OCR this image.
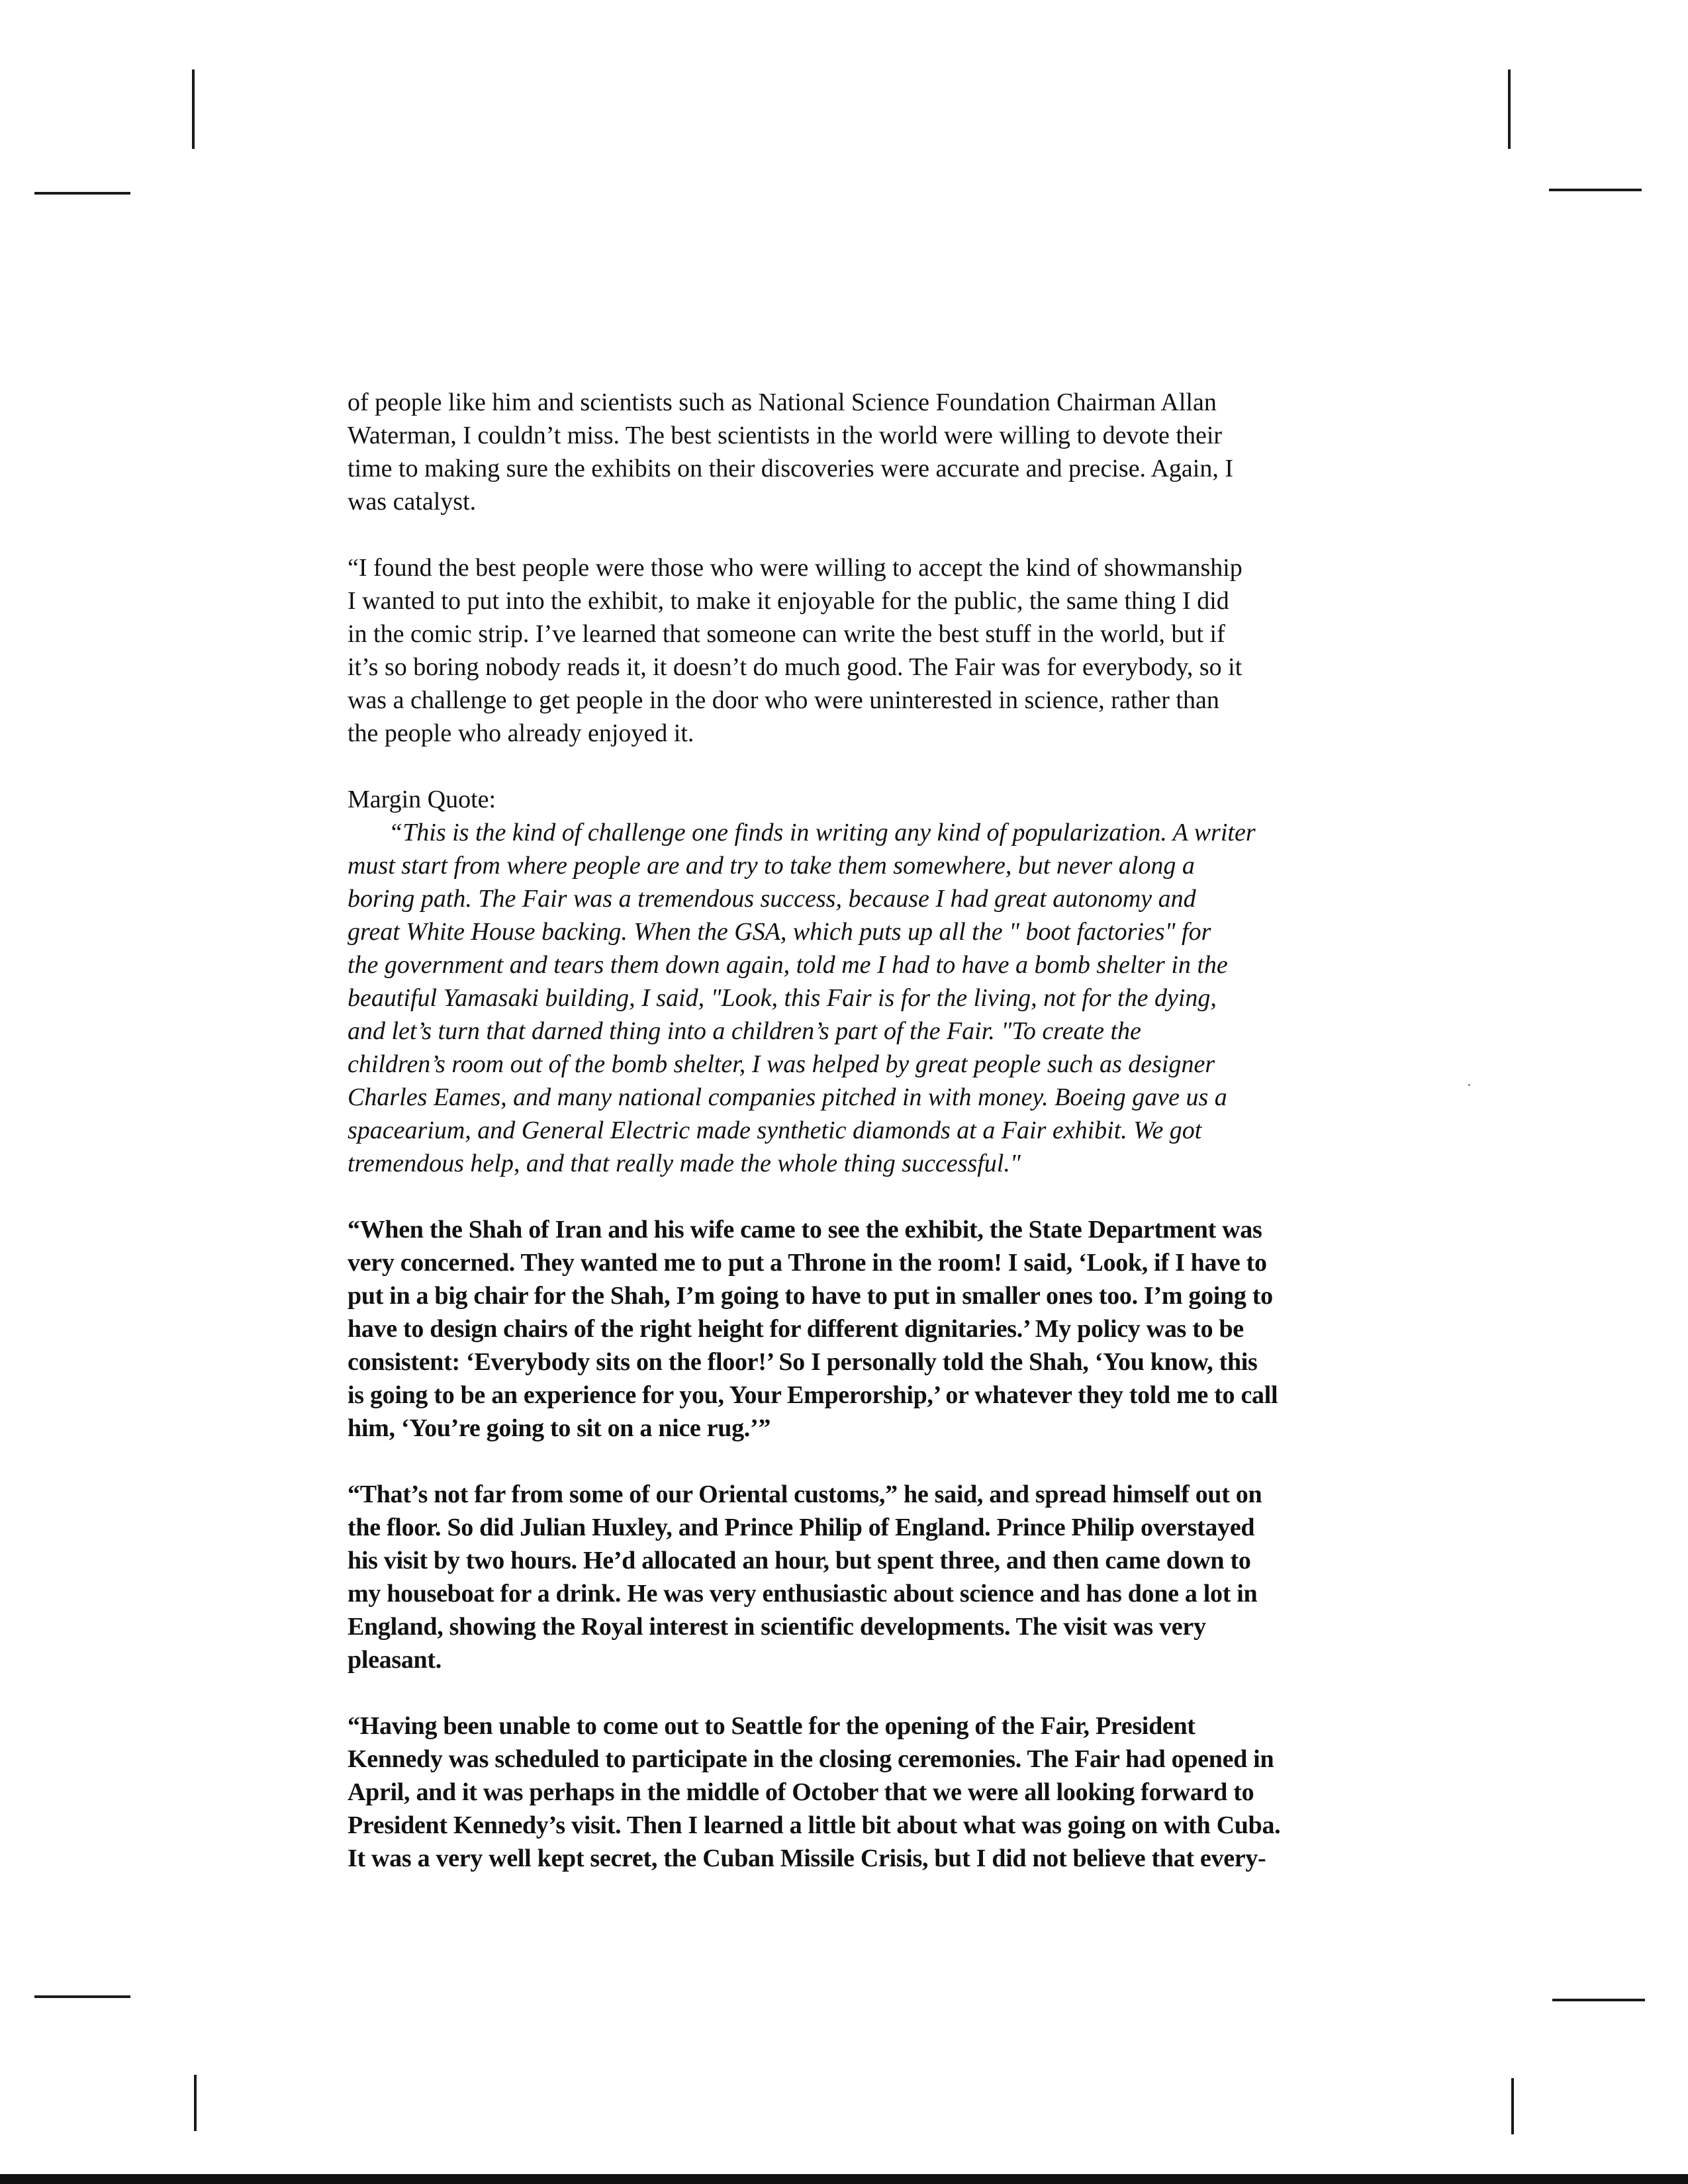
of people like him and scientists such as National Science Foundation Chairman Allan
Waterman, I couldn’t miss. The best scientists in the world were willing to devote their
time to making sure the exhibits on their discoveries were accurate and precise. Again, I
was catalyst.
“I found the best people were those who were willing to accept the kind of showmanship
I wanted to put into the exhibit, to make it enjoyable for the public, the same thing I did
in the comic strip. I’ve learned that someone can write the best stuff in the world, but if
it’s so boring nobody reads it, it doesn’t do much good. The Fair was for everybody, so it
was a challenge to get people in the door who were uninterested in science, rather than
the people who already enjoyed it.
Margin Quote:
“This is the kind of challenge one finds in writing any kind of popularization. A writer
must start from where people are and try to take them somewhere, but never along a
boring path. The Fair was a tremendous success, because I had great autonomy and
great White House backing. When the GSA, which puts up all the " boot factories" for
the government and tears them down again, told me I had to have a bomb shelter in the
beautiful Yamasaki building, I said, "Look, this Fair is for the living, not for the dying,
and let’s turn that darned thing into a children’s part of the Fair. "To create the
children’s room out of the bomb shelter, I was helped by great people such as designer
Charles Eames, and many national companies pitched in with money. Boeing gave us a
spacearium, and General Electric made synthetic diamonds at a Fair exhibit. We got
tremendous help, and that really made the whole thing successful."
“When the Shah of Iran and his wife came to see the exhibit, the State Department was
very concerned. They wanted me to put a Throne in the room! I said, ‘Look, if I have to
put in a big chair for the Shah, I’m going to have to put in smaller ones too. I’m going to
have to design chairs of the right height for different dignitaries.’ My policy was to be
consistent: ‘Everybody sits on the floor!’ So I personally told the Shah, ‘You know, this
is going to be an experience for you, Your Emperorship,’ or whatever they told me to call
him, ‘You’re going to sit on a nice rug.’”
“That’s not far from some of our Oriental customs,” he said, and spread himself out on
the floor. So did Julian Huxley, and Prince Philip of England. Prince Philip overstayed
his visit by two hours. He’d allocated an hour, but spent three, and then came down to
my houseboat for a drink. He was very enthusiastic about science and has done a lot in
England, showing the Royal interest in scientific developments. The visit was very
pleasant.
“Having been unable to come out to Seattle for the opening of the Fair, President
Kennedy was scheduled to participate in the closing ceremonies. The Fair had opened in
April, and it was perhaps in the middle of October that we were all looking forward to
President Kennedy’s visit. Then I learned a little bit about what was going on with Cuba.
It was a very well kept secret, the Cuban Missile Crisis, but I did not believe that every-
